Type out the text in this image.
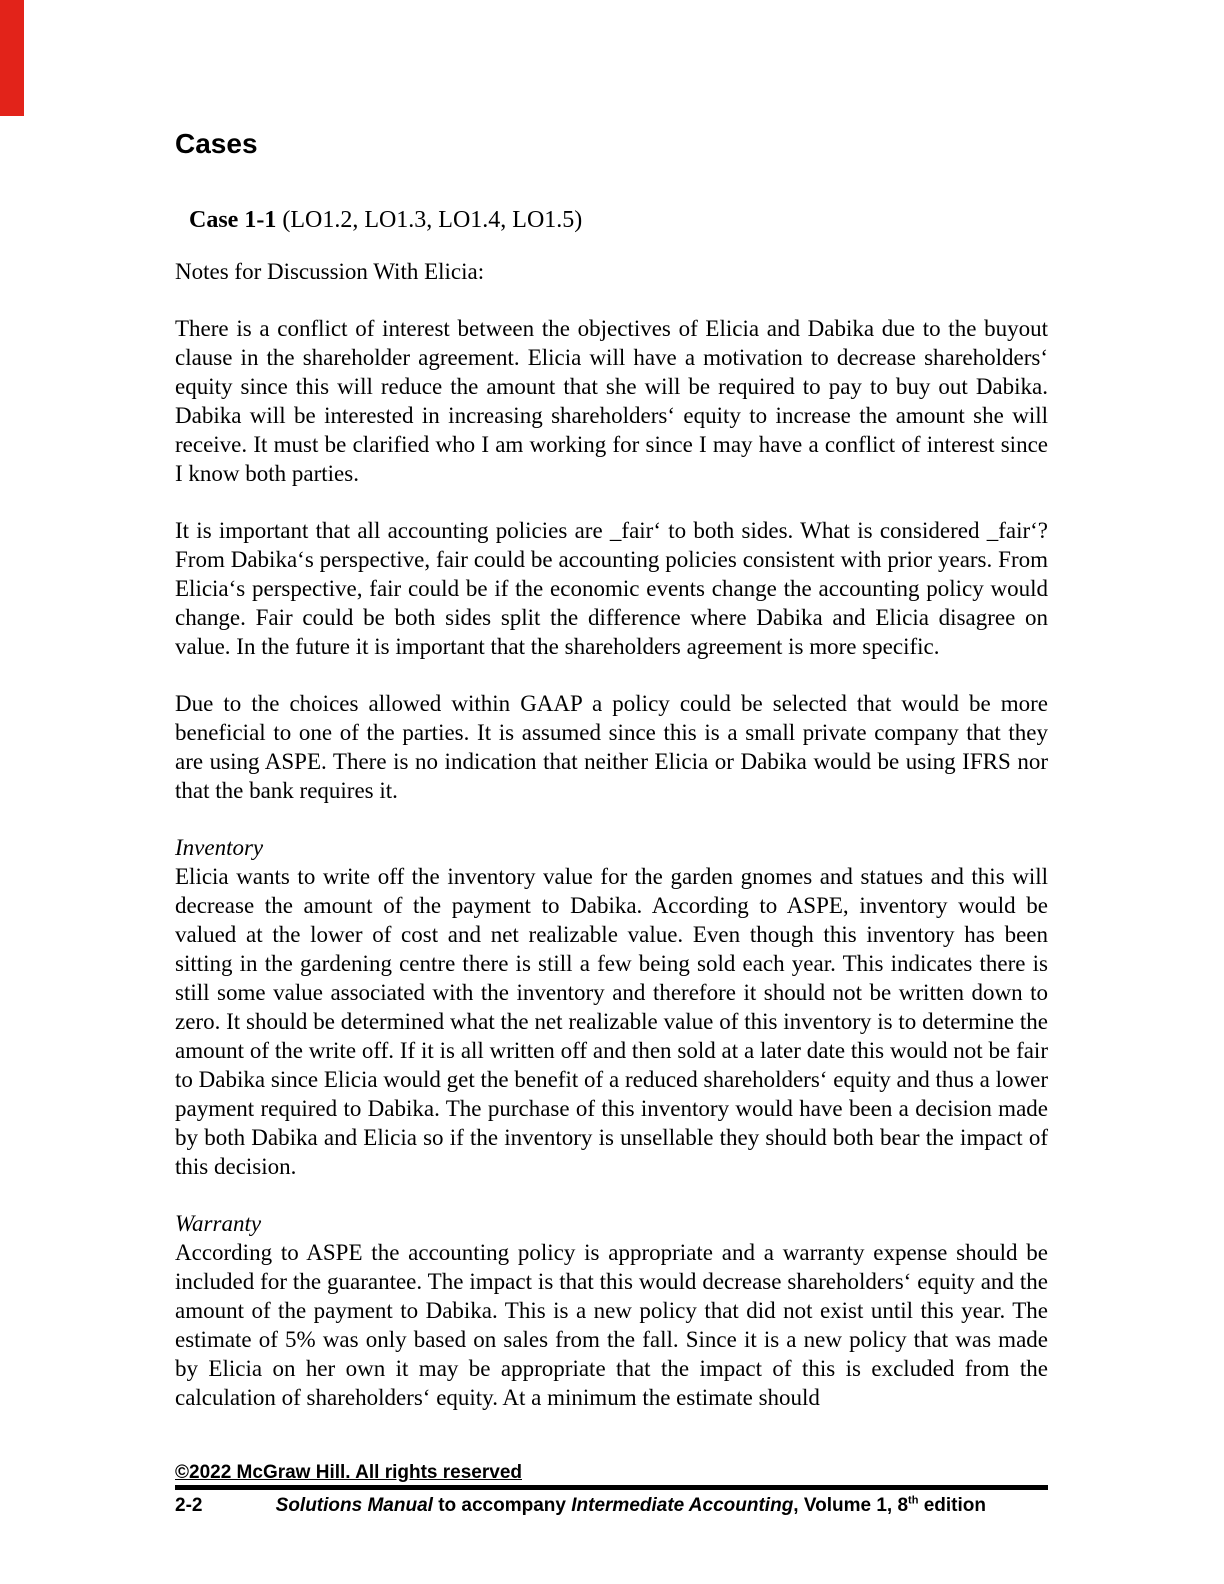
Cases

Case 1-1 (LO1.2, LO1.3, LO1.4, LO1.5)

Notes for Discussion With Elicia:

There is a conflict of interest between the objectives of Elicia and Dabika due to the buyout clause in the shareholder agreement. Elicia will have a motivation to decrease shareholders‘ equity since this will reduce the amount that she will be required to pay to buy out Dabika. Dabika will be interested in increasing shareholders‘ equity to increase the amount she will receive. It must be clarified who I am working for since I may have a conflict of interest since I know both parties.

It is important that all accounting policies are _fair‘ to both sides. What is considered _fair‘? From Dabika‘s perspective, fair could be accounting policies consistent with prior years. From Elicia‘s perspective, fair could be if the economic events change the accounting policy would change. Fair could be both sides split the difference where Dabika and Elicia disagree on value. In the future it is important that the shareholders agreement is more specific.

Due to the choices allowed within GAAP a policy could be selected that would be more beneficial to one of the parties. It is assumed since this is a small private company that they are using ASPE. There is no indication that neither Elicia or Dabika would be using IFRS nor that the bank requires it.

Inventory

Elicia wants to write off the inventory value for the garden gnomes and statues and this will decrease the amount of the payment to Dabika. According to ASPE, inventory would be valued at the lower of cost and net realizable value. Even though this inventory has been sitting in the gardening centre there is still a few being sold each year. This indicates there is still some value associated with the inventory and therefore it should not be written down to zero. It should be determined what the net realizable value of this inventory is to determine the amount of the write off. If it is all written off and then sold at a later date this would not be fair to Dabika since Elicia would get the benefit of a reduced shareholders‘ equity and thus a lower payment required to Dabika. The purchase of this inventory would have been a decision made by both Dabika and Elicia so if the inventory is unsellable they should both bear the impact of this decision.

Warranty

According to ASPE the accounting policy is appropriate and a warranty expense should be included for the guarantee. The impact is that this would decrease shareholders‘ equity and the amount of the payment to Dabika. This is a new policy that did not exist until this year. The estimate of 5% was only based on sales from the fall. Since it is a new policy that was made by Elicia on her own it may be appropriate that the impact of this is excluded from the calculation of shareholders‘ equity. At a minimum the estimate should

©2022 McGraw Hill. All rights reserved
2-2	Solutions Manual to accompany Intermediate Accounting, Volume 1, 8th edition
